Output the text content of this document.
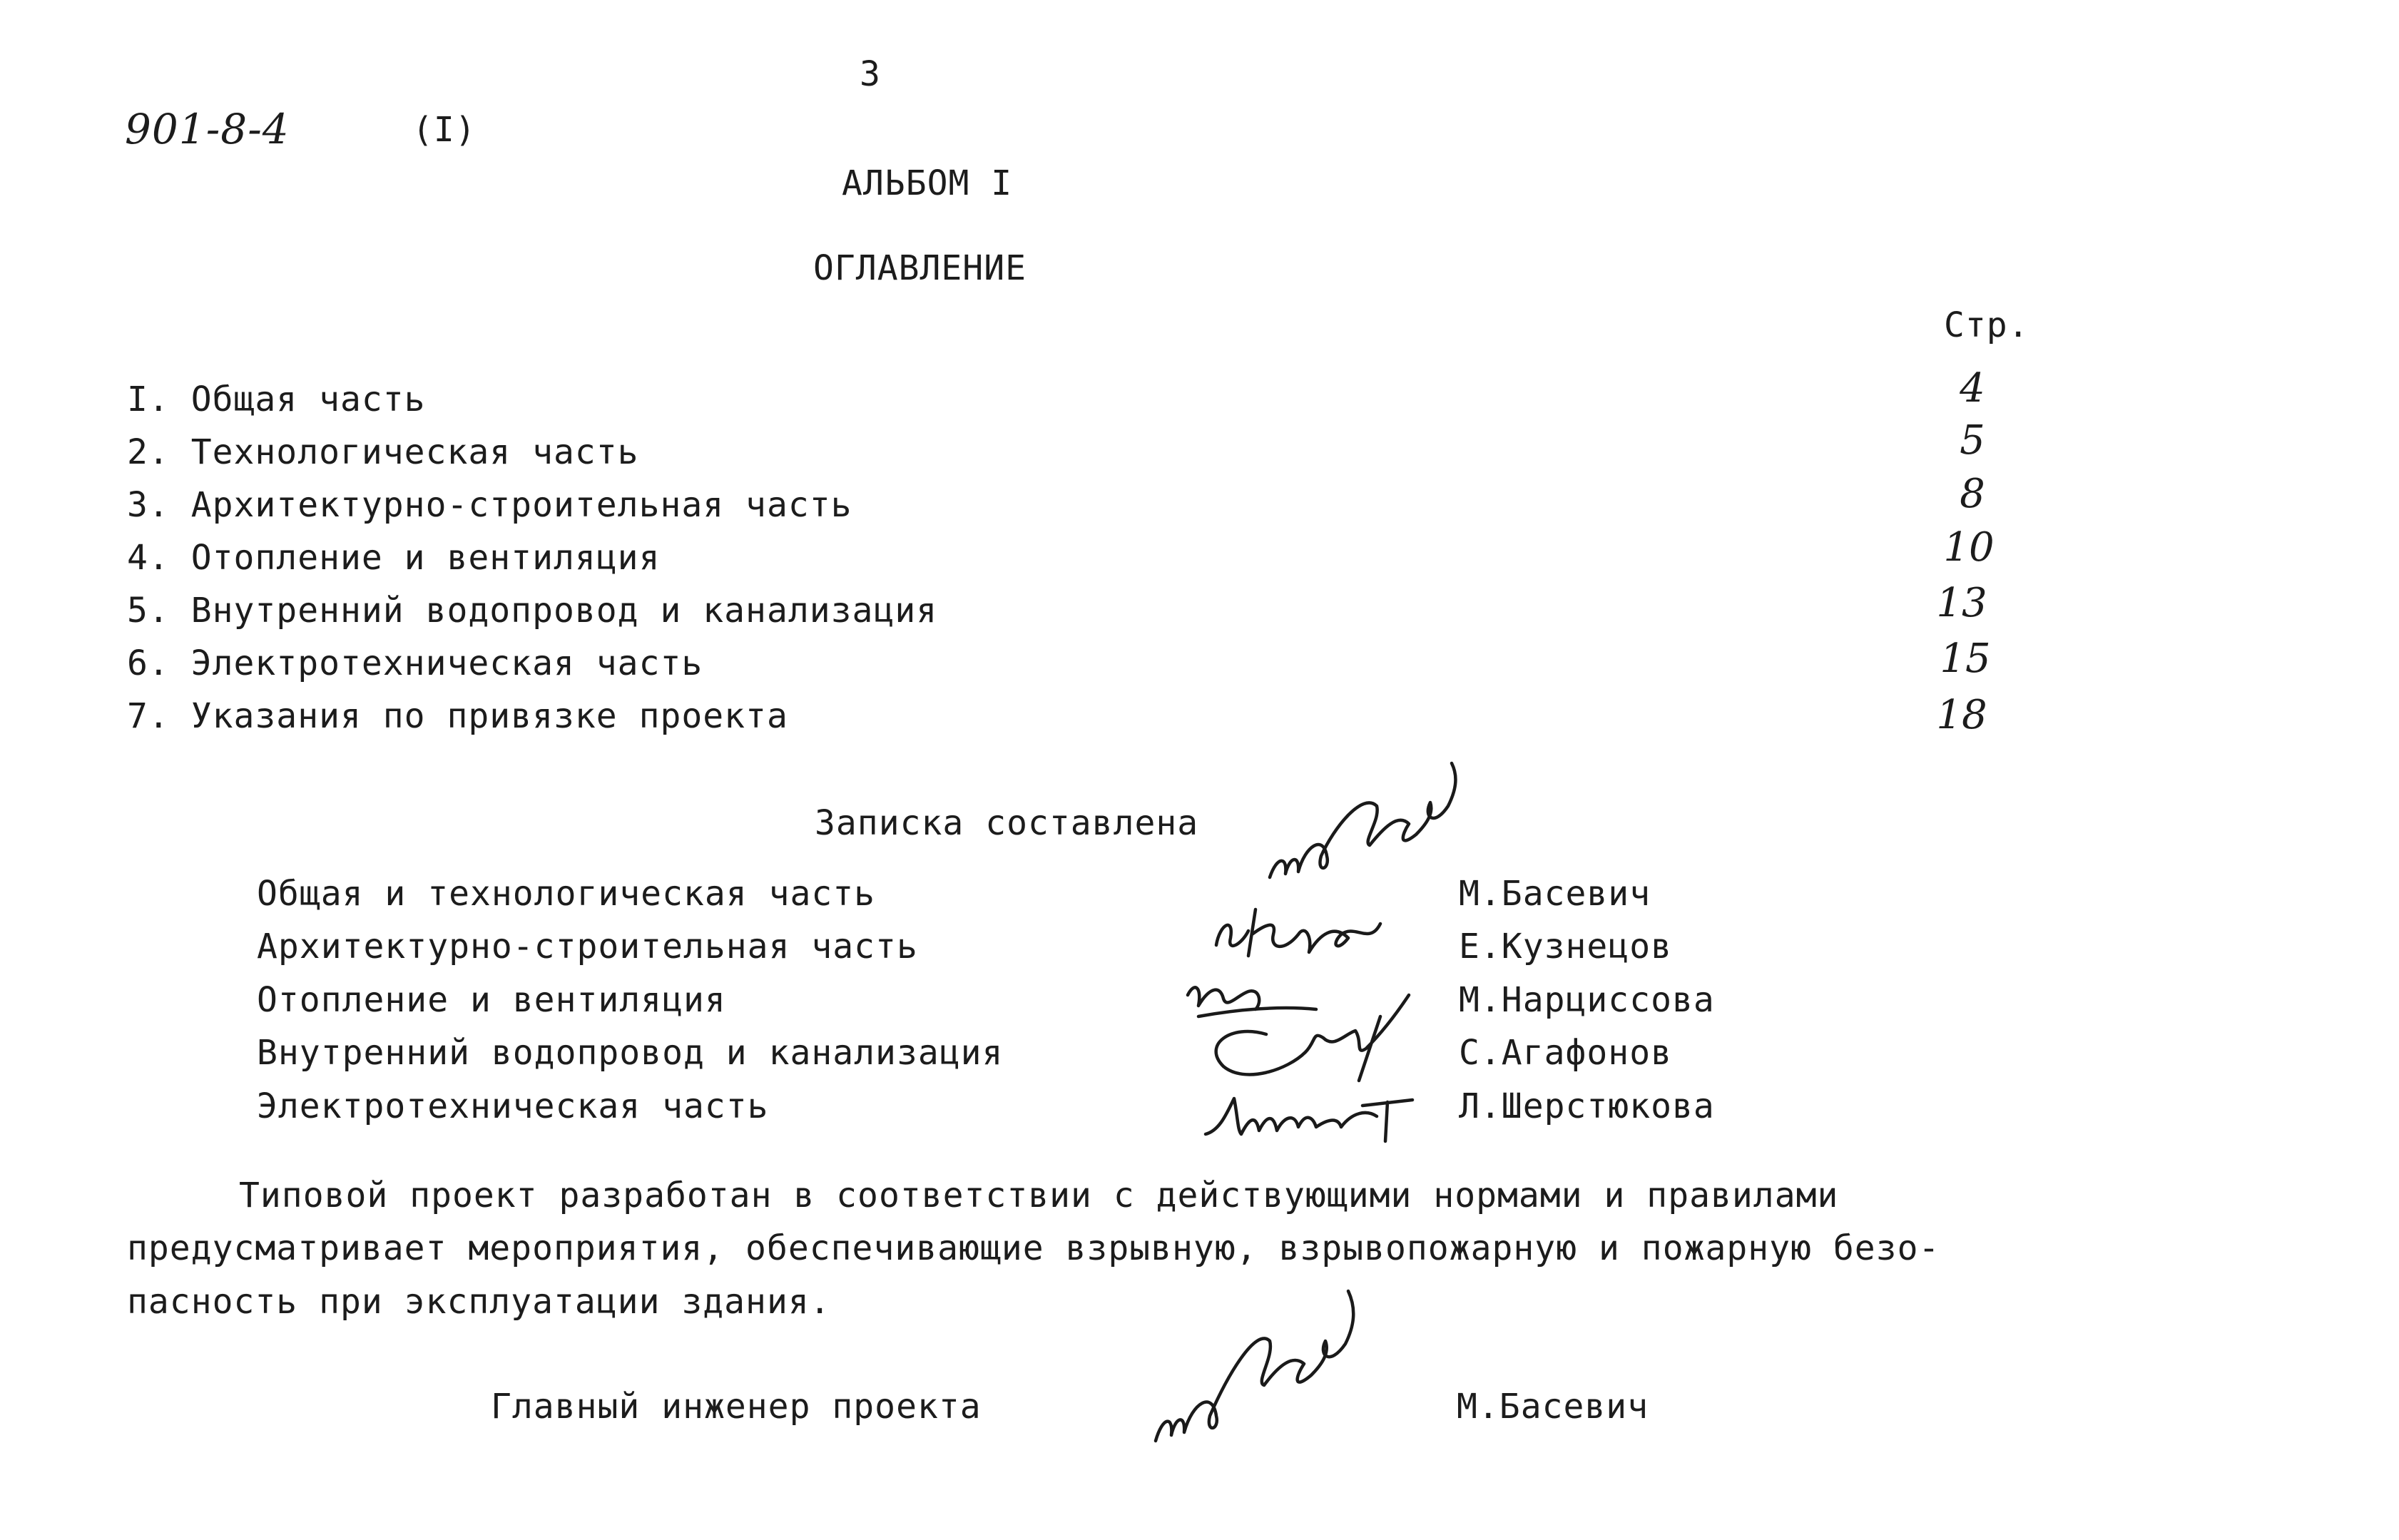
3
901-8-4	(I)
АЛЬБОМ I
ОГЛАВЛЕНИЕ
Стр.
I. Общая часть	4
2. Технологическая часть	5
3. Архитектурно-строительная часть	8
4. Отопление и вентиляция	10
5. Внутренний водопровод и канализация	13
6. Электротехническая часть	15
7. Указания по привязке проекта	18
Записка составлена
Общая и технологическая часть	М.Басевич
Архитектурно-строительная часть	Е.Кузнецов
Отопление и вентиляция	М.Нарциссова
Внутренний водопровод и канализация	С.Агафонов
Электротехническая часть	Л.Шерстюкова
Типовой проект разработан в соответствии с действующими нормами и правилами
предусматривает мероприятия, обеспечивающие взрывную, взрывопожарную и пожарную безо-
пасность при эксплуатации здания.
Главный инженер проекта	М.Басевич
